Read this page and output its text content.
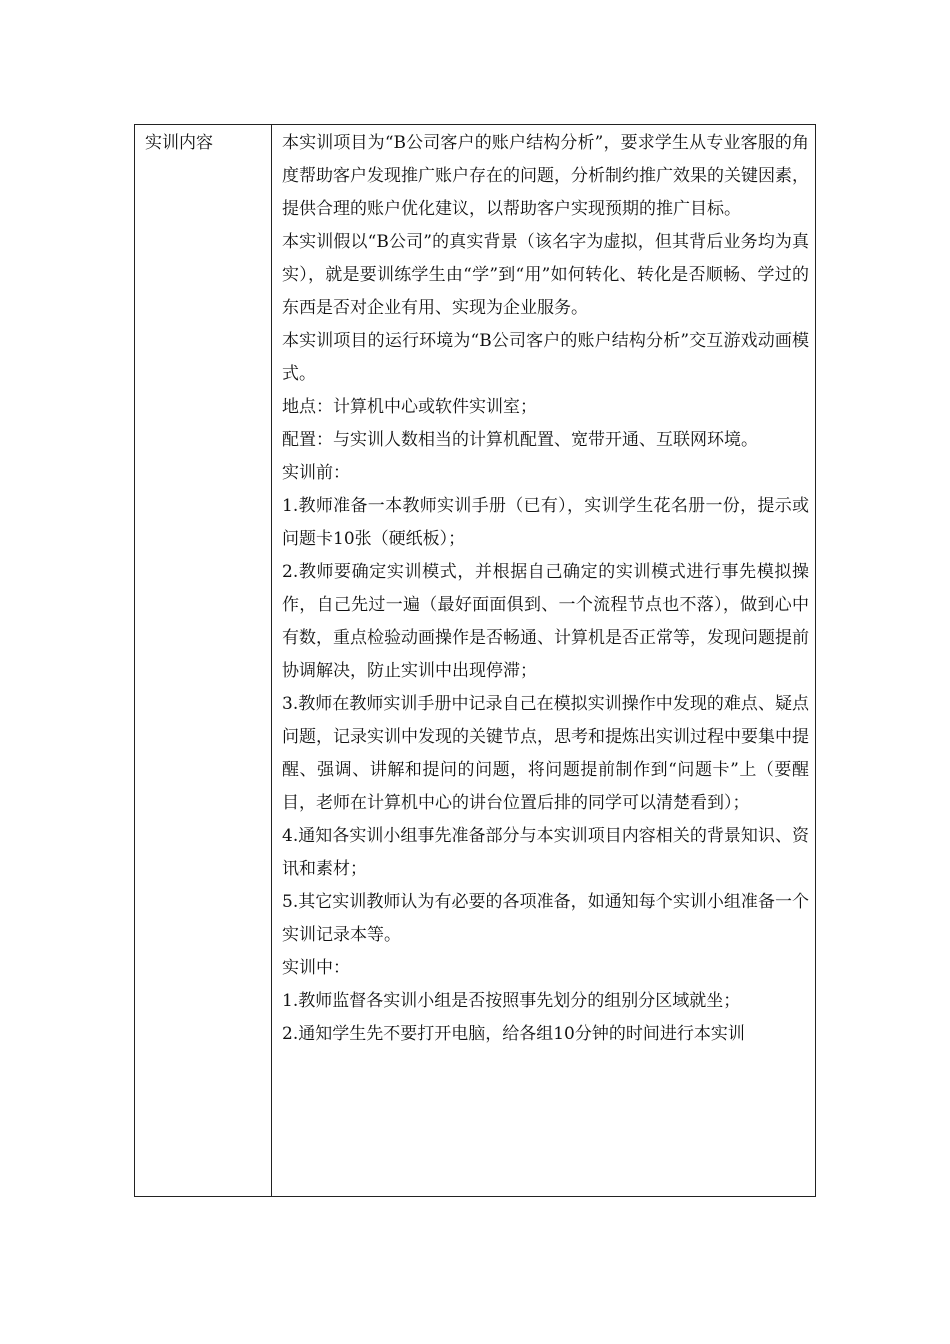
实训内容	本实训项目为“B公司客户的账户结构分析”，要求学生从专业客服的角度帮助客户发现推广账户存在的问题，分析制约推广效果的关键因素，提供合理的账户优化建议，以帮助客户实现预期的推广目标。

本实训假以“B公司”的真实背景（该名字为虚拟，但其背后业务均为真实），就是要训练学生由“学”到“用”如何转化、转化是否顺畅、学过的东西是否对企业有用、实现为企业服务。

本实训项目的运行环境为“B公司客户的账户结构分析”交互游戏动画模式。

地点：计算机中心或软件实训室；

配置：与实训人数相当的计算机配置、宽带开通、互联网环境。

实训前：

1.教师准备一本教师实训手册（已有），实训学生花名册一份，提示或问题卡10张（硬纸板）；

2.教师要确定实训模式，并根据自己确定的实训模式进行事先模拟操作，自己先过一遍（最好面面俱到、一个流程节点也不落），做到心中有数，重点检验动画操作是否畅通、计算机是否正常等，发现问题提前协调解决，防止实训中出现停滞；

3.教师在教师实训手册中记录自己在模拟实训操作中发现的难点、疑点问题，记录实训中发现的关键节点，思考和提炼出实训过程中要集中提醒、强调、讲解和提问的问题，将问题提前制作到“问题卡”上（要醒目，老师在计算机中心的讲台位置后排的同学可以清楚看到）；

4.通知各实训小组事先准备部分与本实训项目内容相关的背景知识、资讯和素材；

5.其它实训教师认为有必要的各项准备，如通知每个实训小组准备一个实训记录本等。

实训中：

1.教师监督各实训小组是否按照事先划分的组别分区域就坐；

2.通知学生先不要打开电脑，给各组10分钟的时间进行本实训
